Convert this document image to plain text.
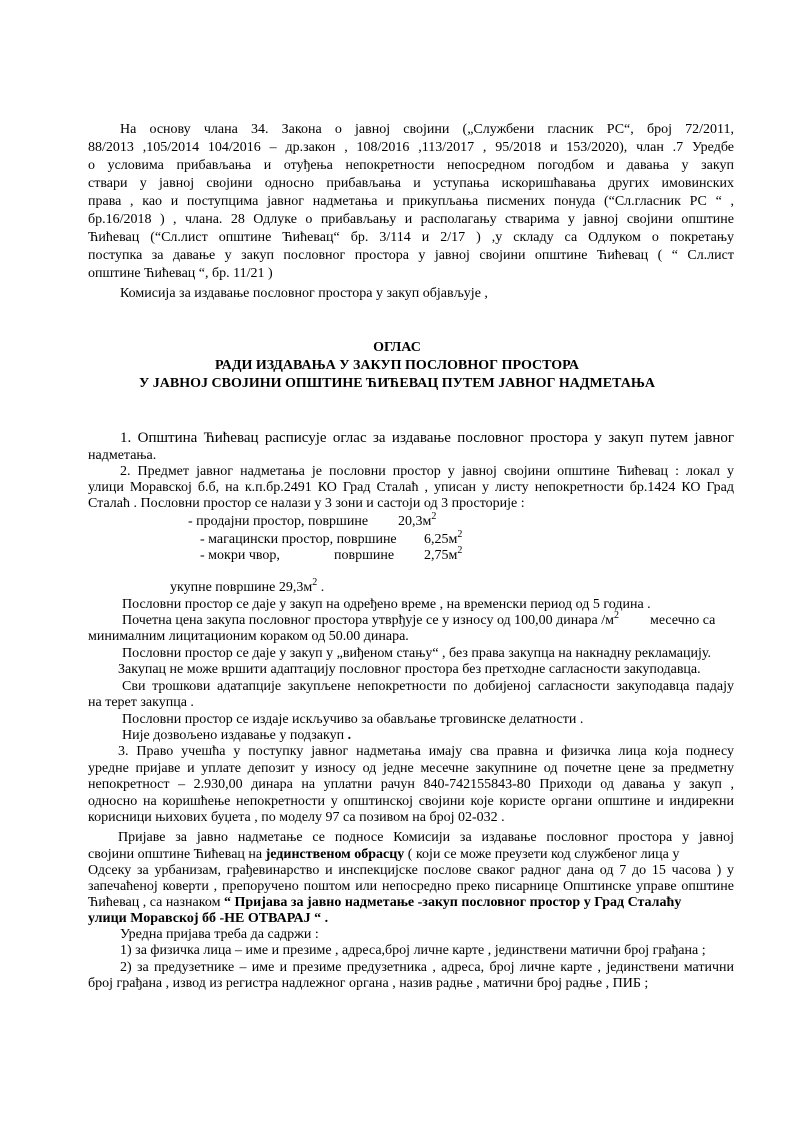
На основу члана 34. Закона о јавној својини („Службени гласник РС“, број 72/2011,
88/2013 ,105/2014 104/2016 – др.закон , 108/2016 ,113/2017 , 95/2018 и 153/2020), члан .7 Уредбе
о условима прибављања и отуђења непокретности непосредном погодбом и давања у закуп
ствари у јавној својини односно прибављања и уступања искоришћавања других имовинских
права , као и поступцима јавног надметања и прикупљања писмених понуда (“Сл.гласник РС “ ,
бр.16/2018 ) , члана. 28 Одлуке о прибављању и располагању стварима у јавној својини општине
Ћићевац (“Сл.лист општине Ћићевац“ бр. 3/114 и 2/17 ) ,у складу са Одлуком о покретању
поступка за давање у закуп пословног простора у јавној својини општине Ћићевац ( “ Сл.лист
општине Ћићевац “, бр. 11/21 )
Комисија за издавање пословног простора у закуп објављује ,
ОГЛАС
РАДИ ИЗДАВАЊА У ЗАКУП ПОСЛОВНОГ ПРОСТОРА
У ЈАВНОЈ СВОЈИНИ ОПШТИНЕ ЋИЋЕВАЦ ПУТЕМ ЈАВНОГ НАДМЕТАЊА
1. Општина Ћићевац расписује оглас за издавање пословног простора у закуп путем јавног
надметања.
2. Предмет јавног надметања је пословни простор у јавној својини општине Ћићевац : локал у
улици Моравској б.б, на к.п.бр.2491 КО Град Сталаћ , уписан у листу непокретности бр.1424 КО Град
Сталаћ . Пословни простор се налази у 3 зони и састоји од 3 просторије :
- продајни простор, површине $20,3м^2$
- магацински простор, површине $6,25м^2$
- мокри чвор,	површине $2,75м^2$
укупне површине $29,3м^2$ .
Пословни простор се даје у закуп на одређено време , на временски период од 5 година .
Почетна цена закупа пословног простора утврђује се у износу од 100,00 динара $/м^2$ месечно са
минималним лицитационим кораком од 50.00 динара.
Пословни простор се даје у закуп у „виђеном стању“ , без права закупца на накнадну рекламацију.
Закупац не може вршити адаптацију пословног простора без претходне сагласности закуподавца.
Сви трошкови адатапције закупљене непокретности по добијеној сагласности закуподавца падају
на терет закупца .
Пословни простор се издаје искључиво за обављање трговинске делатности .
Није дозвољено издавање у подзакуп .
3. Право учешћа у поступку јавног надметања имају сва правна и физичка лица која поднесу
уредне пријаве и уплате депозит у износу од једне месечне закупнине од почетне цене за предметну
непокретност – 2.930,00 динара на уплатни рачун 840-742155843-80 Приходи од давања у закуп ,
односно на коришћење непокретности у општинској својини које користе органи општине и индирекни
корисници њихових буџета , по моделу 97 са позивом на број 02-032 .
Пријаве за јавно надметање се подносе Комисији за издавање пословног простора у јавној
својини општине Ћићевац на јединственом обрасцу ( који се може преузети код службеног лица у
Одсеку за урбанизам, грађевинарство и инспекцијске послове сваког радног дана од 7 до 15 часова ) у
запечаћеној коверти , препоручено поштом или непосредно преко писарнице Општинске управе општине
Ћићевац , са назнаком “ Пријава за јавно надметање -закуп пословног простор у Град Сталаћу
улици Моравској бб -НЕ ОТВАРАЈ “ .
Уредна пријава треба да садржи :
1) за физичка лица – име и презиме , адреса,број личне карте , јединствени матични број грађана ;
2) за предузетнике – име и презиме предузетника , адреса, број личне карте , јединствени матични
број грађана , извод из регистра надлежног органа , назив радње , матични број радње , ПИБ ;
